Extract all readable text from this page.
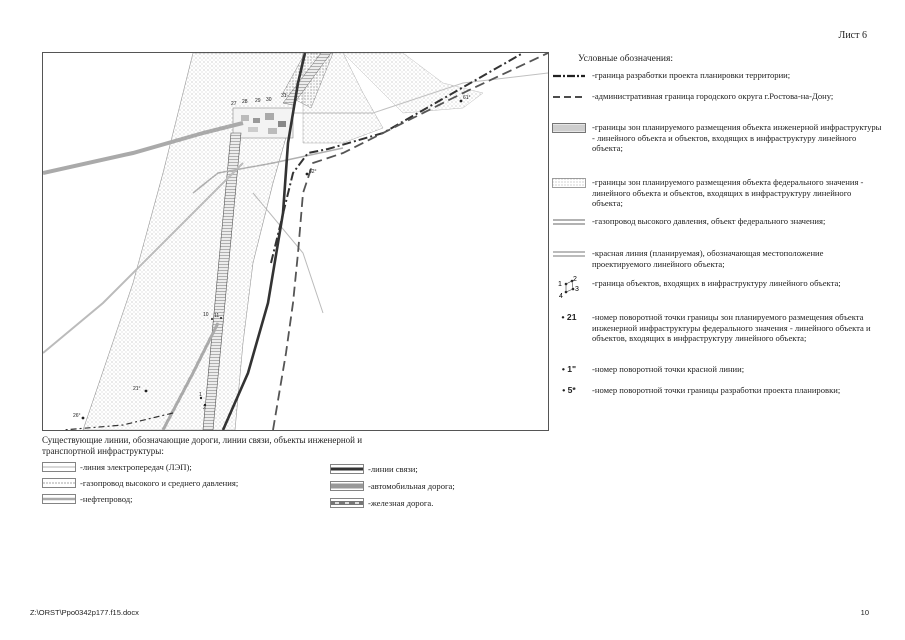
Лист 6
61°
62°
21°
26°
1
2
10 11
27 28 29 30
31
Условные обозначения:
-граница разработки проекта планировки территории;
-административная граница городского округа г.Ростова-на-Дону;
-границы зон планируемого размещения объекта инженерной инфраструктуры - линейного объекта и объектов, входящих в инфраструктуру линейного объекта;
-границы зон планируемого размещения объекта федерального значения - линейного объекта и объектов, входящих в инфраструктуру линейного объекта;
-газопровод высокого давления, объект федерального значения;
-красная линия (планируемая), обозначающая местоположение проектируемого линейного объекта;
1
2
3
4
-граница объектов, входящих в инфраструктуру линейного объекта;
• 21	-номер поворотной точки границы зон планируемого размещения объекта инженерной инфраструктуры федерального значения - линейного объекта и объектов, входящих в инфраструктуру линейного объекта;
• 1"	-номер поворотной точки красной линии;
• 5*	-номер поворотной точки границы разработки проекта планировки;
Существующие линии, обозначающие дороги, линии связи, объекты инженерной и транспортной инфраструктуры:
-линия электропередач (ЛЭП);
-газопровод высокого и среднего давления;
-нефтепровод;
-линии связи;
-автомобильная дорога;
-железная дорога.
Z:\ORST\Ppo0342p177.f15.docx	10
